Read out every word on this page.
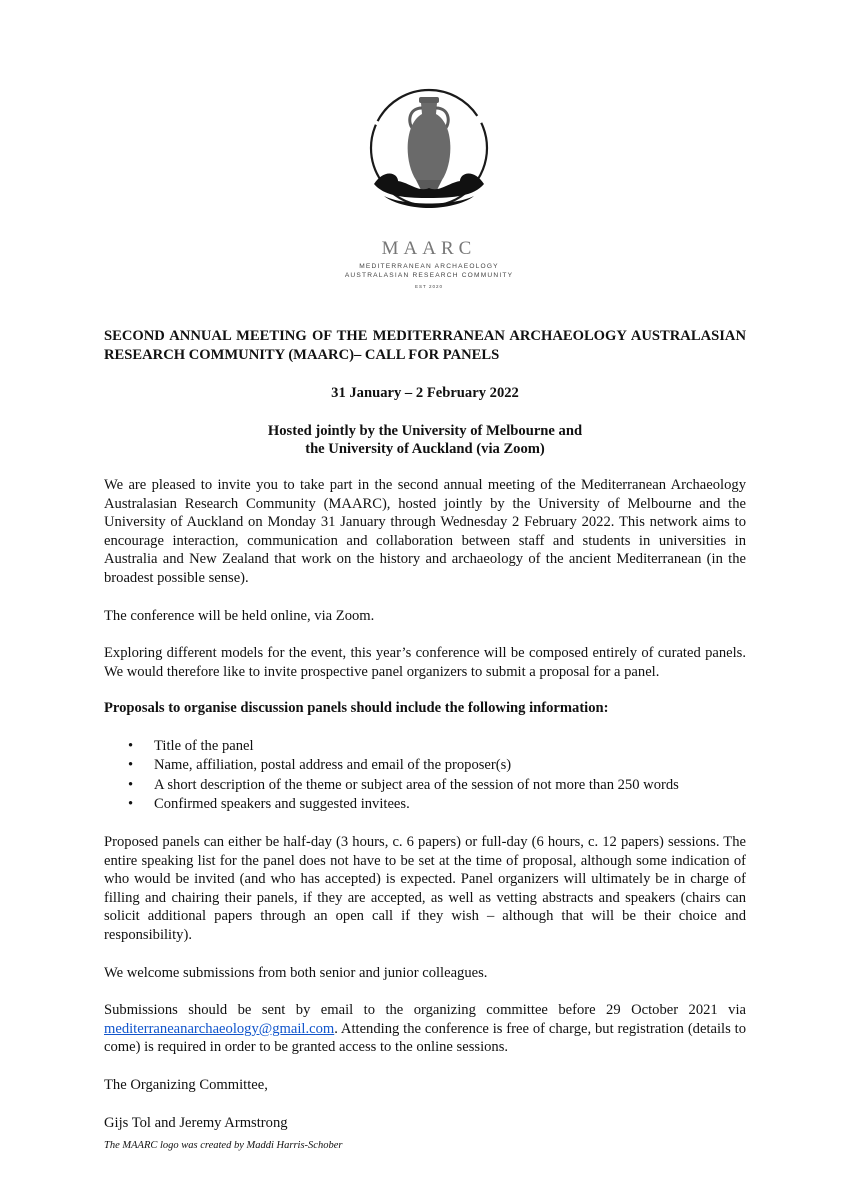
MAARC
MEDITERRANEAN ARCHAEOLOGY
AUSTRALASIAN RESEARCH COMMUNITY
EST 2020

SECOND ANNUAL MEETING OF THE MEDITERRANEAN ARCHAEOLOGY AUSTRALASIAN RESEARCH COMMUNITY (MAARC)– CALL FOR PANELS

31 January – 2 February 2022

Hosted jointly by the University of Melbourne and
the University of Auckland (via Zoom)

We are pleased to invite you to take part in the second annual meeting of the Mediterranean Archaeology Australasian Research Community (MAARC), hosted jointly by the University of Melbourne and the University of Auckland on Monday 31 January through Wednesday 2 February 2022. This network aims to encourage interaction, communication and collaboration between staff and students in universities in Australia and New Zealand that work on the history and archaeology of the ancient Mediterranean (in the broadest possible sense).

The conference will be held online, via Zoom.

Exploring different models for the event, this year’s conference will be composed entirely of curated panels. We would therefore like to invite prospective panel organizers to submit a proposal for a panel.

Proposals to organise discussion panels should include the following information:

• Title of the panel
• Name, affiliation, postal address and email of the proposer(s)
• A short description of the theme or subject area of the session of not more than 250 words
• Confirmed speakers and suggested invitees.

Proposed panels can either be half-day (3 hours, c. 6 papers) or full-day (6 hours, c. 12 papers) sessions. The entire speaking list for the panel does not have to be set at the time of proposal, although some indication of who would be invited (and who has accepted) is expected. Panel organizers will ultimately be in charge of filling and chairing their panels, if they are accepted, as well as vetting abstracts and speakers (chairs can solicit additional papers through an open call if they wish – although that will be their choice and responsibility).

We welcome submissions from both senior and junior colleagues.

Submissions should be sent by email to the organizing committee before 29 October 2021 via mediterraneanarchaeology@gmail.com. Attending the conference is free of charge, but registration (details to come) is required in order to be granted access to the online sessions.

The Organizing Committee,

Gijs Tol and Jeremy Armstrong

The MAARC logo was created by Maddi Harris-Schober
